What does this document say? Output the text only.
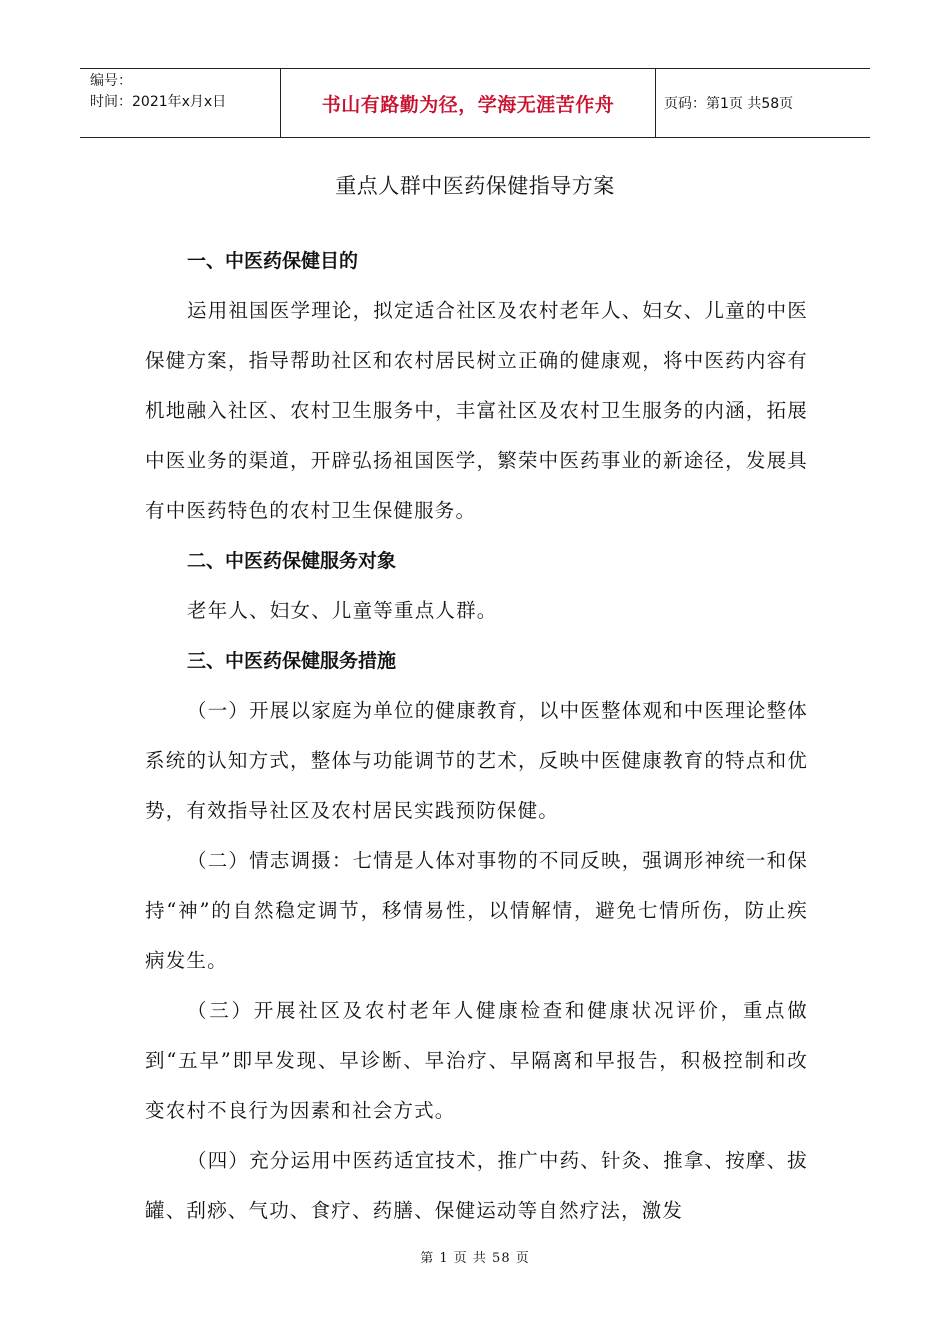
编号：
时间：2021年x月x日	书山有路勤为径，学海无涯苦作舟	页码：第1页 共58页
重点人群中医药保健指导方案
一、中医药保健目的

运用祖国医学理论，拟定适合社区及农村老年人、妇女、儿童的中医保健方案，指导帮助社区和农村居民树立正确的健康观，将中医药内容有机地融入社区、农村卫生服务中，丰富社区及农村卫生服务的内涵，拓展中医业务的渠道，开辟弘扬祖国医学，繁荣中医药事业的新途径，发展具有中医药特色的农村卫生保健服务。

二、中医药保健服务对象

老年人、妇女、儿童等重点人群。

三、中医药保健服务措施

（一）开展以家庭为单位的健康教育，以中医整体观和中医理论整体系统的认知方式，整体与功能调节的艺术，反映中医健康教育的特点和优势，有效指导社区及农村居民实践预防保健。

（二）情志调摄：七情是人体对事物的不同反映，强调形神统一和保持“神”的自然稳定调节，移情易性，以情解情，避免七情所伤，防止疾病发生。

（三）开展社区及农村老年人健康检查和健康状况评价，重点做到“五早”即早发现、早诊断、早治疗、早隔离和早报告，积极控制和改变农村不良行为因素和社会方式。

（四）充分运用中医药适宜技术，推广中药、针灸、推拿、按摩、拔罐、刮痧、气功、食疗、药膳、保健运动等自然疗法，激发

第 1 页 共 58 页
